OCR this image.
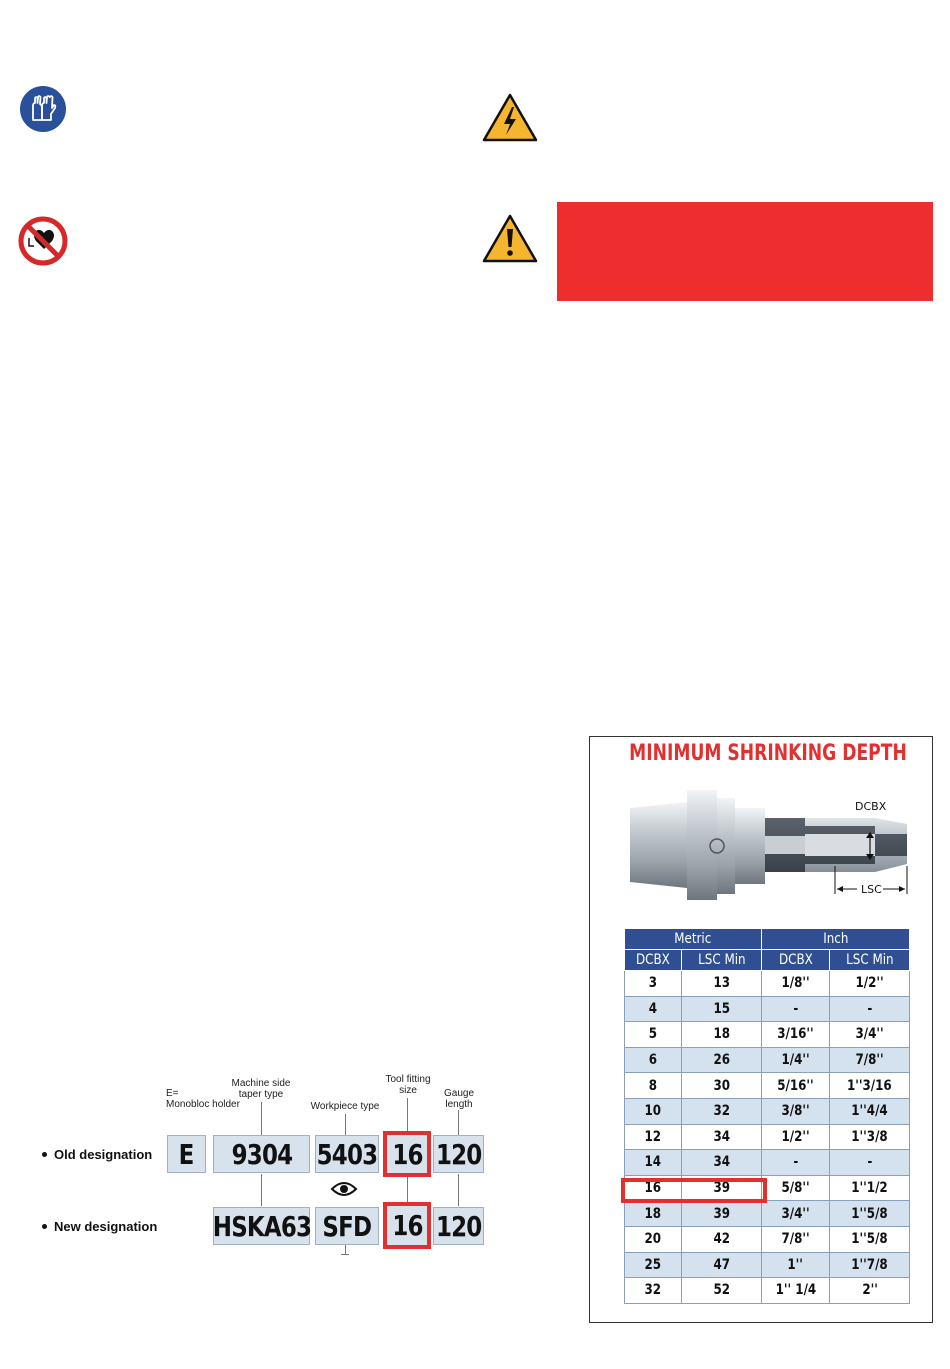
E=
Monobloc holder
Machine side
taper type
Workpiece type
Tool fitting
size	Gauge
length
Old designation
New designation
E 9304 5403 16 120
HSKA63 SFD 16 120
MINIMUM SHRINKING DEPTH
DCBX
LSC
Metric		Inch	
DCBX	LSC Min	DCBX	LSC Min
3	13	1/8''	1/2''
4	15	-	-
5	18	3/16''	3/4''
6	26	1/4''	7/8''
8	30	5/16''	1''3/16
10	32	3/8''	1''4/4
12	34	1/2''	1''3/8
14	34	-	-
16	39	5/8''	1''1/2
18	39	3/4''	1''5/8
20	42	7/8''	1''5/8
25	47	1''	1''7/8
32	52	1'' 1/4	2''
